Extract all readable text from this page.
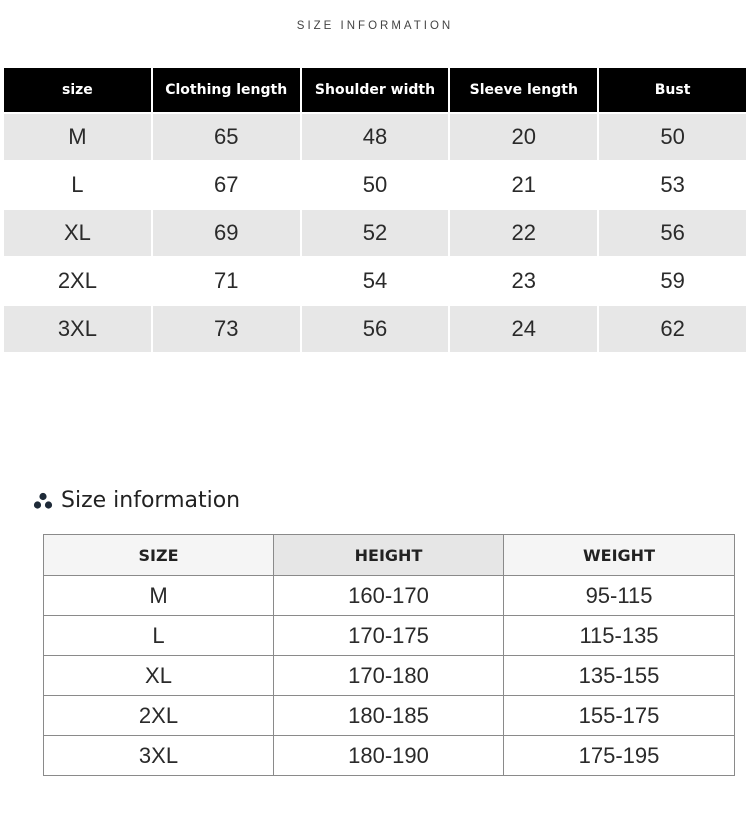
SIZE INFORMATION
size	Clothing length	Shoulder width	Sleeve length	Bust
M	65	48	20	50
L	67	50	21	53
XL	69	52	22	56
2XL	71	54	23	59
3XL	73	56	24	62
Size information
SIZE	HEIGHT	WEIGHT
M	160-170	95-115
L	170-175	115-135
XL	170-180	135-155
2XL	180-185	155-175
3XL	180-190	175-195
